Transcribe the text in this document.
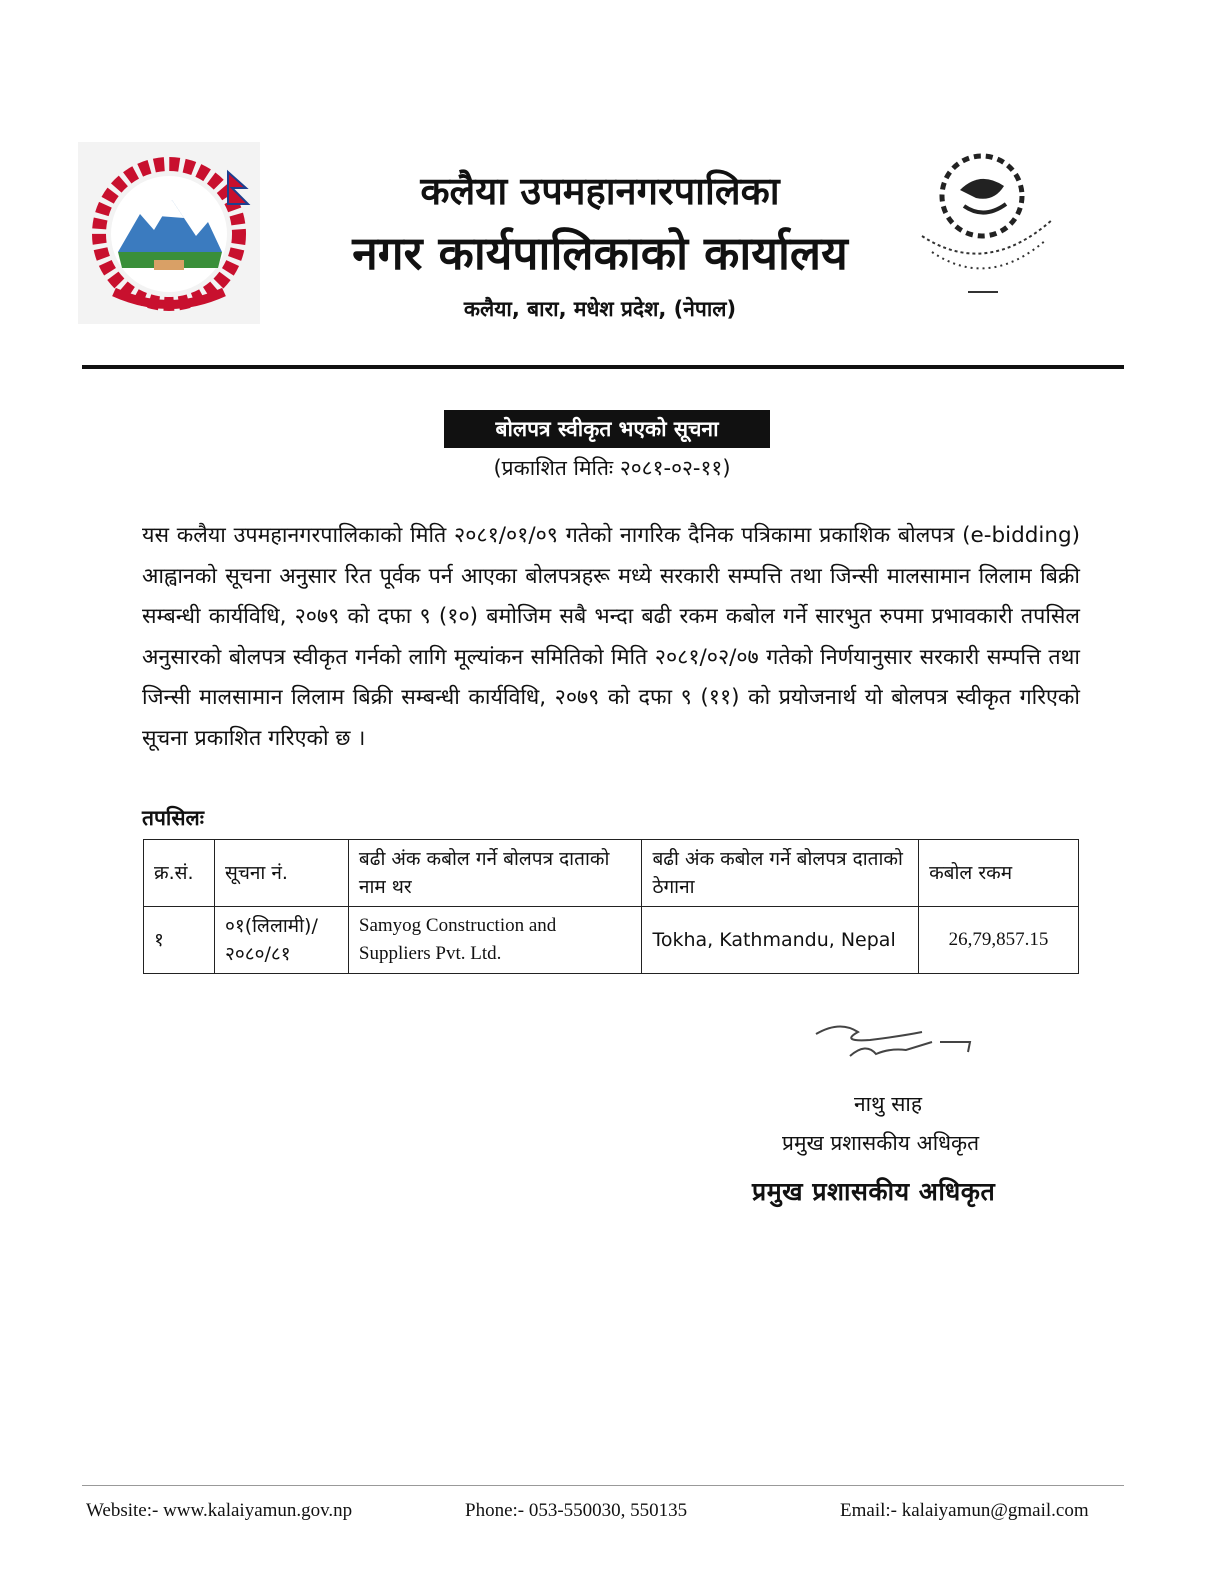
कलैया उपमहानगरपालिका
नगर कार्यपालिकाको कार्यालय
कलैया, बारा, मधेश प्रदेश, (नेपाल)
बोलपत्र स्वीकृत भएको सूचना
(प्रकाशित मितिः २०८१-०२-११)
यस कलैया उपमहानगरपालिकाको मिति २०८१/०१/०९ गतेको नागरिक दैनिक पत्रिकामा प्रकाशिक बोलपत्र (e-bidding) आह्वानको सूचना अनुसार रित पूर्वक पर्न आएका बोलपत्रहरू मध्ये सरकारी सम्पत्ति तथा जिन्सी मालसामान लिलाम बिक्री सम्बन्धी कार्यविधि, २०७९ को दफा ९ (१०) बमोजिम सबै भन्दा बढी रकम कबोल गर्ने सारभुत रुपमा प्रभावकारी तपसिल अनुसारको बोलपत्र स्वीकृत गर्नको लागि मूल्यांकन समितिको मिति २०८१/०२/०७ गतेको निर्णयानुसार सरकारी सम्पत्ति तथा जिन्सी मालसामान लिलाम बिक्री सम्बन्धी कार्यविधि, २०७९ को दफा ९ (११) को प्रयोजनार्थ यो बोलपत्र स्वीकृत गरिएको सूचना प्रकाशित गरिएको छ ।
तपसिलः
क्र.सं.	सूचना नं.	बढी अंक कबोल गर्ने बोलपत्र दाताको नाम थर	बढी अंक कबोल गर्ने बोलपत्र दाताको ठेगाना	कबोल रकम
१	०१(लिलामी)/ २०८०/८१	Samyog Construction and Suppliers Pvt. Ltd.	Tokha, Kathmandu, Nepal	26,79,857.15
नाथु साह
प्रमुख प्रशासकीय अधिकृत
प्रमुख प्रशासकीय अधिकृत
Website:- www.kalaiyamun.gov.np	Phone:- 053-550030, 550135	Email:- kalaiyamun@gmail.com
